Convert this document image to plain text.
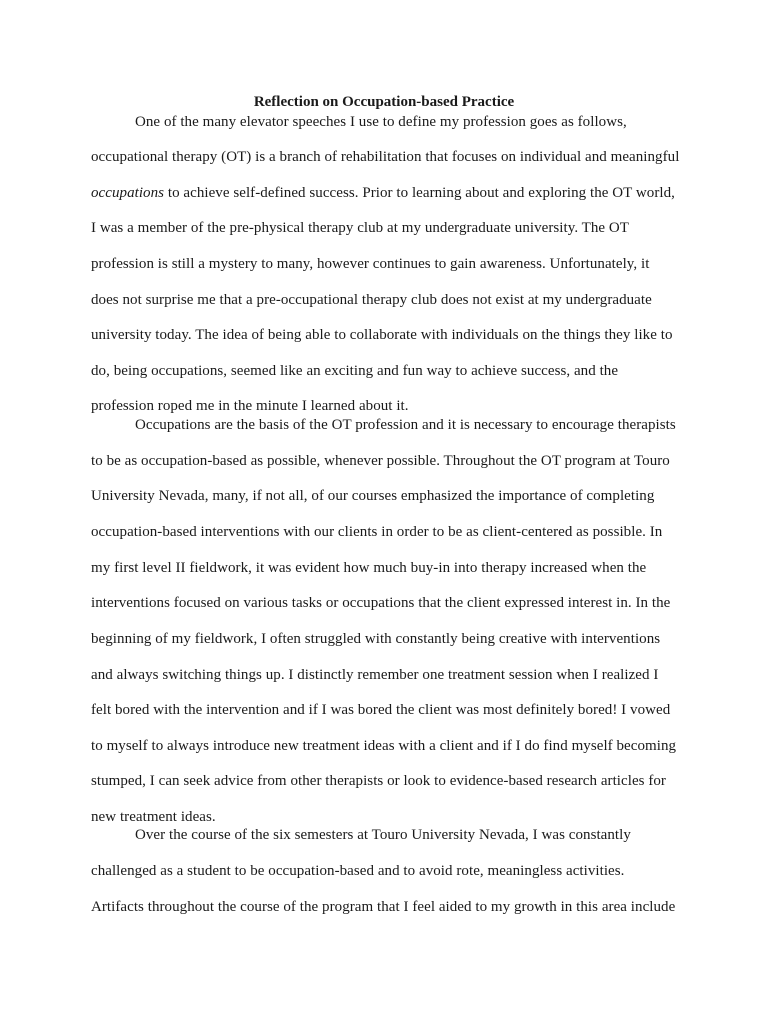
Reflection on Occupation-based Practice
One of the many elevator speeches I use to define my profession goes as follows,
occupational therapy (OT) is a branch of rehabilitation that focuses on individual and meaningful
occupations to achieve self-defined success. Prior to learning about and exploring the OT world,
I was a member of the pre-physical therapy club at my undergraduate university. The OT
profession is still a mystery to many, however continues to gain awareness. Unfortunately, it
does not surprise me that a pre-occupational therapy club does not exist at my undergraduate
university today. The idea of being able to collaborate with individuals on the things they like to
do, being occupations, seemed like an exciting and fun way to achieve success, and the
profession roped me in the minute I learned about it.
Occupations are the basis of the OT profession and it is necessary to encourage therapists
to be as occupation-based as possible, whenever possible. Throughout the OT program at Touro
University Nevada, many, if not all, of our courses emphasized the importance of completing
occupation-based interventions with our clients in order to be as client-centered as possible. In
my first level II fieldwork, it was evident how much buy-in into therapy increased when the
interventions focused on various tasks or occupations that the client expressed interest in. In the
beginning of my fieldwork, I often struggled with constantly being creative with interventions
and always switching things up. I distinctly remember one treatment session when I realized I
felt bored with the intervention and if I was bored the client was most definitely bored! I vowed
to myself to always introduce new treatment ideas with a client and if I do find myself becoming
stumped, I can seek advice from other therapists or look to evidence-based research articles for
new treatment ideas.
Over the course of the six semesters at Touro University Nevada, I was constantly
challenged as a student to be occupation-based and to avoid rote, meaningless activities.
Artifacts throughout the course of the program that I feel aided to my growth in this area include
